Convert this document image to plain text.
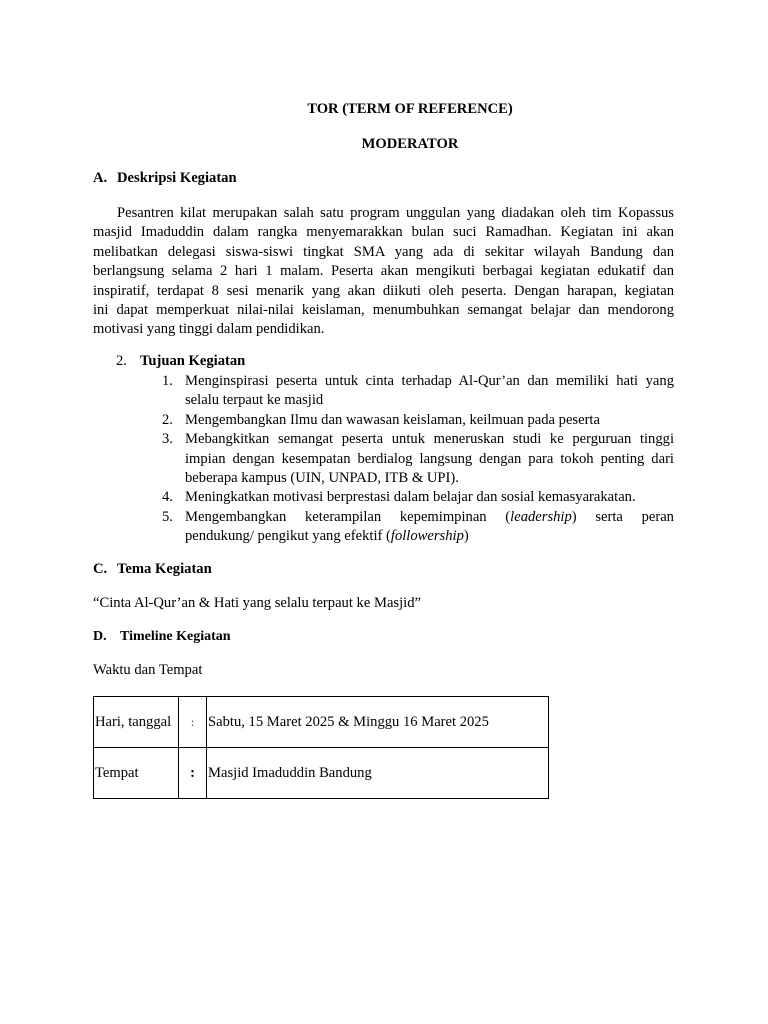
TOR (TERM OF REFERENCE)
MODERATOR
A. Deskripsi Kegiatan
Pesantren kilat merupakan salah satu program unggulan yang diadakan oleh tim Kopassus
masjid Imaduddin dalam rangka menyemarakkan bulan suci Ramadhan. Kegiatan ini akan
melibatkan delegasi siswa-siswi tingkat SMA yang ada di sekitar wilayah Bandung dan
berlangsung selama 2 hari 1 malam. Peserta akan mengikuti berbagai kegiatan edukatif dan
inspiratif, terdapat 8 sesi menarik yang akan diikuti oleh peserta. Dengan harapan, kegiatan
ini dapat memperkuat nilai-nilai keislaman, menumbuhkan semangat belajar dan mendorong
motivasi yang tinggi dalam pendidikan.
2. Tujuan Kegiatan
1. Menginspirasi peserta untuk cinta terhadap Al-Qur’an dan memiliki hati yang
selalu terpaut ke masjid
2. Mengembangkan Ilmu dan wawasan keislaman, keilmuan pada peserta
3. Mebangkitkan semangat peserta untuk meneruskan studi ke perguruan tinggi
impian dengan kesempatan berdialog langsung dengan para tokoh penting dari
beberapa kampus (UIN, UNPAD, ITB & UPI).
4. Meningkatkan motivasi berprestasi dalam belajar dan sosial kemasyarakatan.
5. Mengembangkan keterampilan kepemimpinan (leadership) serta peran
pendukung/ pengikut yang efektif (followership)
C. Tema Kegiatan
“Cinta Al-Qur’an & Hati yang selalu terpaut ke Masjid”
D. Timeline Kegiatan
Waktu dan Tempat
Hari, tanggal	:	Sabtu, 15 Maret 2025 & Minggu 16 Maret 2025
Tempat	:	Masjid Imaduddin Bandung
